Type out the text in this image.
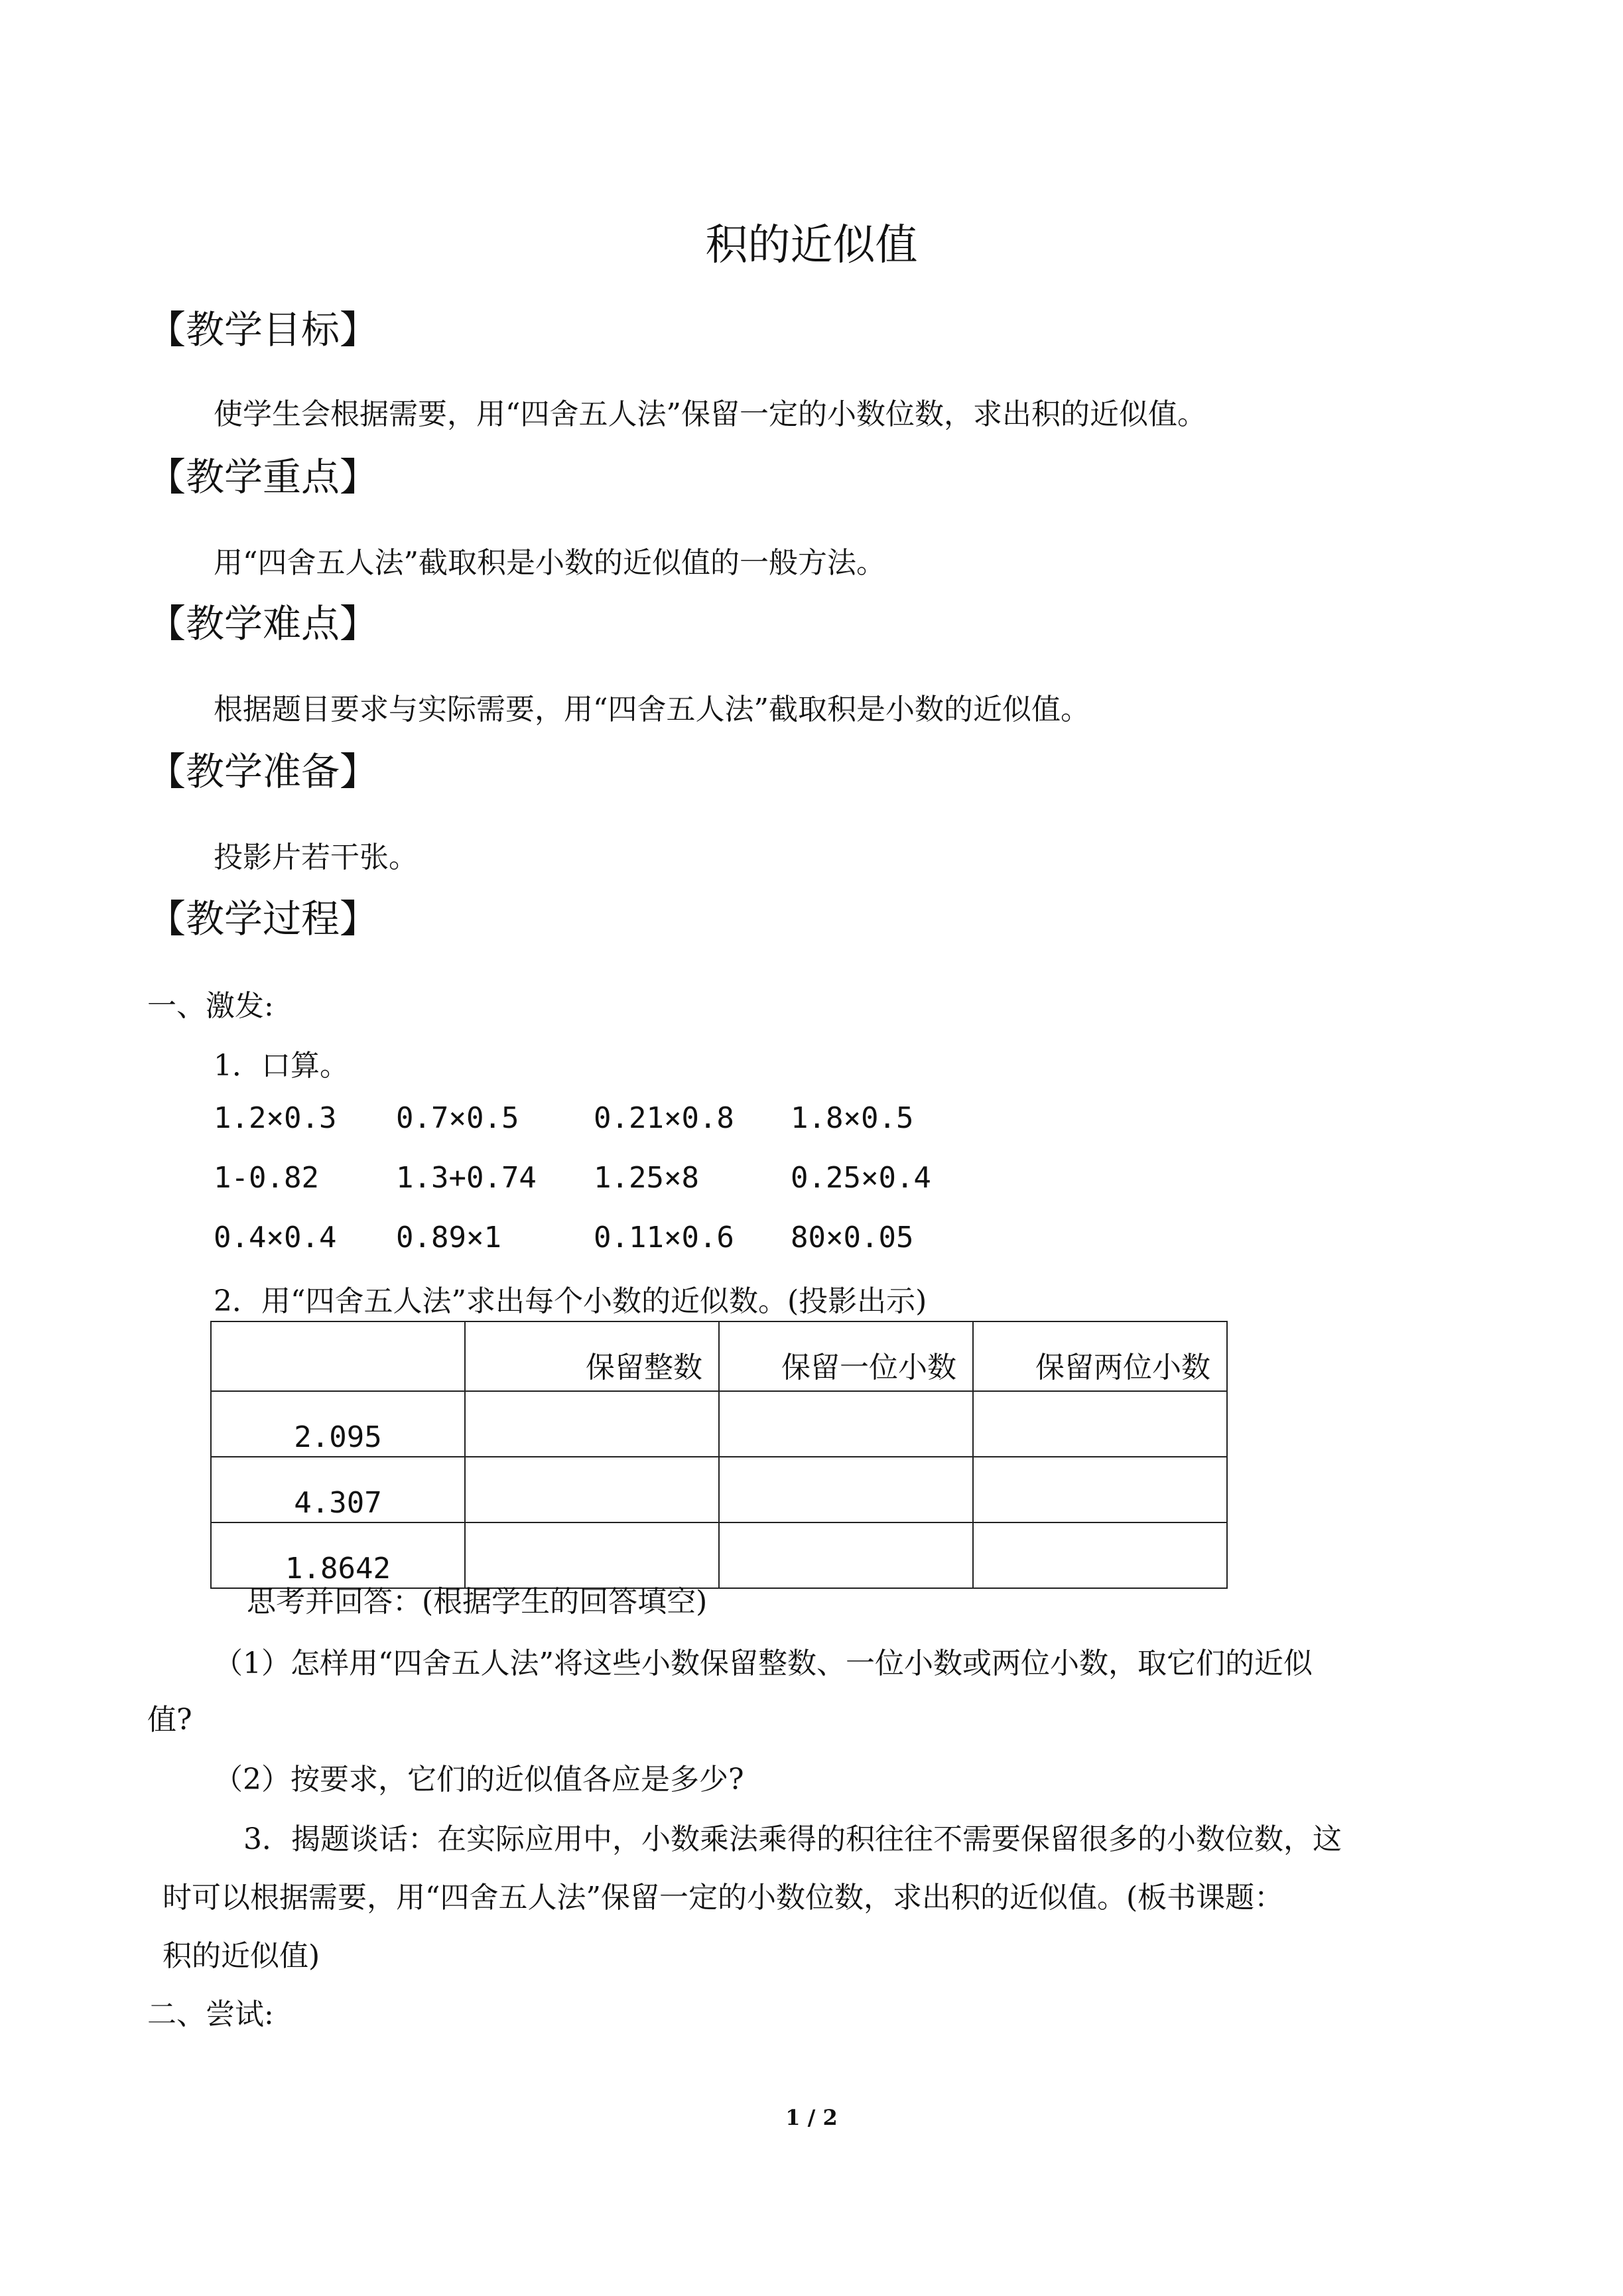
积的近似值
【教学目标】
使学生会根据需要，用“四舍五人法”保留一定的小数位数，求出积的近似值。
【教学重点】
用“四舍五人法”截取积是小数的近似值的一般方法。
【教学难点】
根据题目要求与实际需要，用“四舍五人法”截取积是小数的近似值。
【教学准备】
投影片若干张。
【教学过程】
一、激发:
1．口算。
1.2×0.3 0.7×0.5	0.21×0.8 1.8×0.5
1-0.82	1.3+0.74 1.25×8	0.25×0.4
0.4×0.4 0.89×1	0.11×0.6 80×0.05
2．用“四舍五人法”求出每个小数的近似数。(投影出示)
	保留整数	保留一位小数	保留两位小数
2.095			
4.307			
1.8642			
思考并回答：(根据学生的回答填空)
（1）怎样用“四舍五人法”将这些小数保留整数、一位小数或两位小数，取它们的近似
值?
（2）按要求，它们的近似值各应是多少?
3．揭题谈话：在实际应用中，小数乘法乘得的积往往不需要保留很多的小数位数，这
时可以根据需要，用“四舍五人法”保留一定的小数位数，求出积的近似值。(板书课题：
积的近似值)
二、尝试:
1 / 2
